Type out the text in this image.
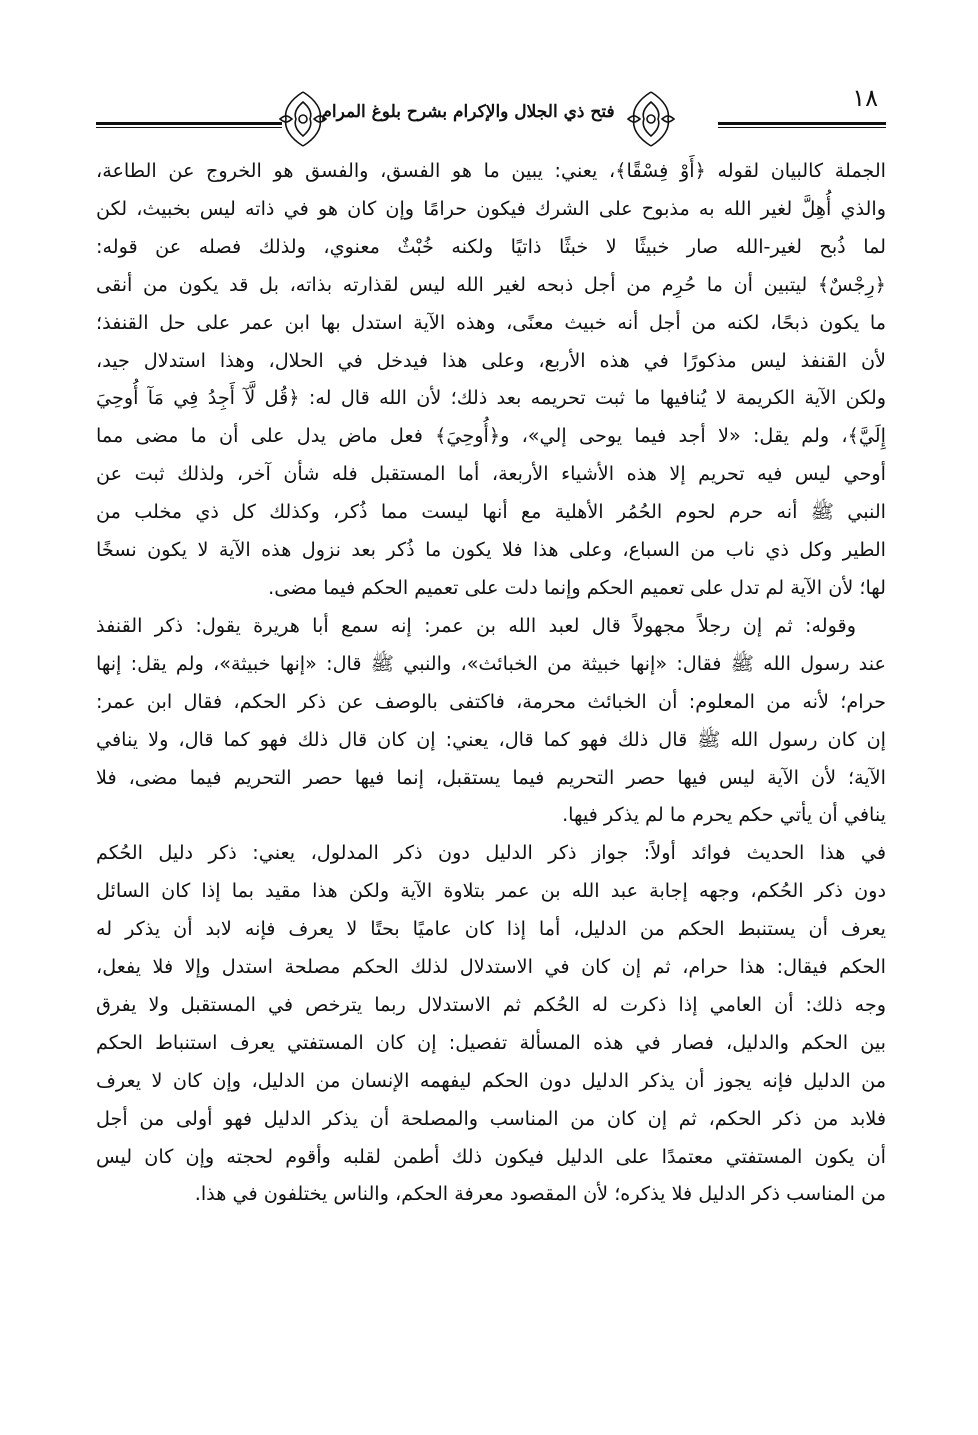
فتح ذي الجلال والإكرام بشرح بلوغ المرام	١٨

الجملة كالبيان لقوله ﴿أَوْ فِسْقًا﴾، يعني: يبين ما هو الفسق، والفسق هو الخروج عن الطاعة،
والذي أُهِلَّ لغير الله به مذبوح على الشرك فيكون حرامًا وإن كان هو في ذاته ليس بخبيث، لكن
لما ذُبح لغير-الله صار خبيثًا لا خبثًا ذاتيًا ولكنه خُبْثٌ معنوي، ولذلك فصله عن قوله:
﴿رِجْسٌ﴾ ليتبين أن ما حُرِم من أجل ذبحه لغير الله ليس لقذارته بذاته، بل قد يكون من أنقى
ما يكون ذبحًا، لكنه من أجل أنه خبيث معنًى، وهذه الآية استدل بها ابن عمر على حل القنفذ؛
لأن القنفذ ليس مذكورًا في هذه الأربع، وعلى هذا فيدخل في الحلال، وهذا استدلال جيد،
ولكن الآية الكريمة لا يُنافيها ما ثبت تحريمه بعد ذلك؛ لأن الله قال له: ﴿قُل لَّآ أَجِدُ فِي مَآ أُوحِيَ
إِلَيَّ﴾، ولم يقل: «لا أجد فيما يوحى إلي»، و﴿أُوحِيَ﴾ فعل ماض يدل على أن ما مضى مما
أوحي ليس فيه تحريم إلا هذه الأشياء الأربعة، أما المستقبل فله شأن آخر، ولذلك ثبت عن
النبي ﷺ أنه حرم لحوم الحُمُر الأهلية مع أنها ليست مما ذُكر، وكذلك كل ذي مخلب من
الطير وكل ذي ناب من السباع، وعلى هذا فلا يكون ما ذُكر بعد نزول هذه الآية لا يكون نسخًا
لها؛ لأن الآية لم تدل على تعميم الحكم وإنما دلت على تعميم الحكم فيما مضى.

وقوله: ثم إن رجلاً مجهولاً قال لعبد الله بن عمر: إنه سمع أبا هريرة يقول: ذكر القنفذ
عند رسول الله ﷺ فقال: «إنها خبيثة من الخبائث»، والنبي ﷺ قال: «إنها خبيثة»، ولم يقل: إنها
حرام؛ لأنه من المعلوم: أن الخبائث محرمة، فاكتفى بالوصف عن ذكر الحكم، فقال ابن عمر:
إن كان رسول الله ﷺ قال ذلك فهو كما قال، يعني: إن كان قال ذلك فهو كما قال، ولا ينافي
الآية؛ لأن الآية ليس فيها حصر التحريم فيما يستقبل، إنما فيها حصر التحريم فيما مضى، فلا
ينافي أن يأتي حكم يحرم ما لم يذكر فيها.

في هذا الحديث فوائد أولاً: جواز ذكر الدليل دون ذكر المدلول، يعني: ذكر دليل الحُكم
دون ذكر الحُكم، وجهه إجابة عبد الله بن عمر بتلاوة الآية ولكن هذا مقيد بما إذا كان السائل
يعرف أن يستنبط الحكم من الدليل، أما إذا كان عاميًا بحتًا لا يعرف فإنه لابد أن يذكر له
الحكم فيقال: هذا حرام، ثم إن كان في الاستدلال لذلك الحكم مصلحة استدل وإلا فلا يفعل،
وجه ذلك: أن العامي إذا ذكرت له الحُكم ثم الاستدلال ربما يترخص في المستقبل ولا يفرق
بين الحكم والدليل، فصار في هذه المسألة تفصيل: إن كان المستفتي يعرف استنباط الحكم
من الدليل فإنه يجوز أن يذكر الدليل دون الحكم ليفهمه الإنسان من الدليل، وإن كان لا يعرف
فلابد من ذكر الحكم، ثم إن كان من المناسب والمصلحة أن يذكر الدليل فهو أولى من أجل
أن يكون المستفتي معتمدًا على الدليل فيكون ذلك أطمن لقلبه وأقوم لحجته وإن كان ليس
من المناسب ذكر الدليل فلا يذكره؛ لأن المقصود معرفة الحكم، والناس يختلفون في هذا.
